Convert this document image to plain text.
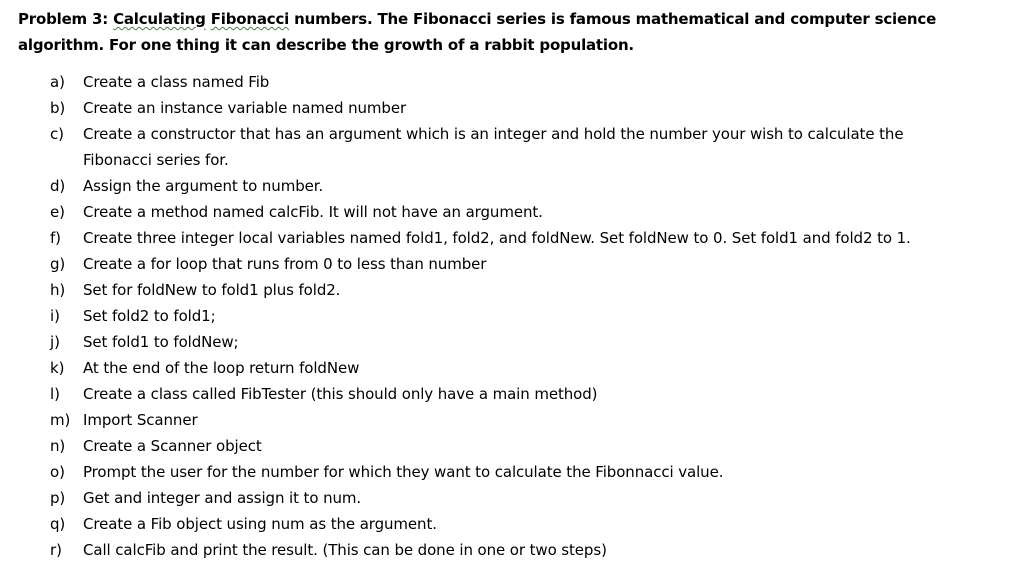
Problem 3: Calculating Fibonacci numbers. The Fibonacci series is famous mathematical and computer science
algorithm. For one thing it can describe the growth of a rabbit population.
a) Create a class named Fib
b) Create an instance variable named number
c) Create a constructor that has an argument which is an integer and hold the number your wish to calculate the
Fibonacci series for.
d) Assign the argument to number.
e) Create a method named calcFib. It will not have an argument.
f) Create three integer local variables named fold1, fold2, and foldNew. Set foldNew to 0. Set fold1 and fold2 to 1.
g) Create a for loop that runs from 0 to less than number
h) Set for foldNew to fold1 plus fold2.
i) Set fold2 to fold1;
j) Set fold1 to foldNew;
k) At the end of the loop return foldNew
l) Create a class called FibTester (this should only have a main method)
m) Import Scanner
n) Create a Scanner object
o) Prompt the user for the number for which they want to calculate the Fibonnacci value.
p) Get and integer and assign it to num.
q) Create a Fib object using num as the argument.
r) Call calcFib and print the result. (This can be done in one or two steps)
